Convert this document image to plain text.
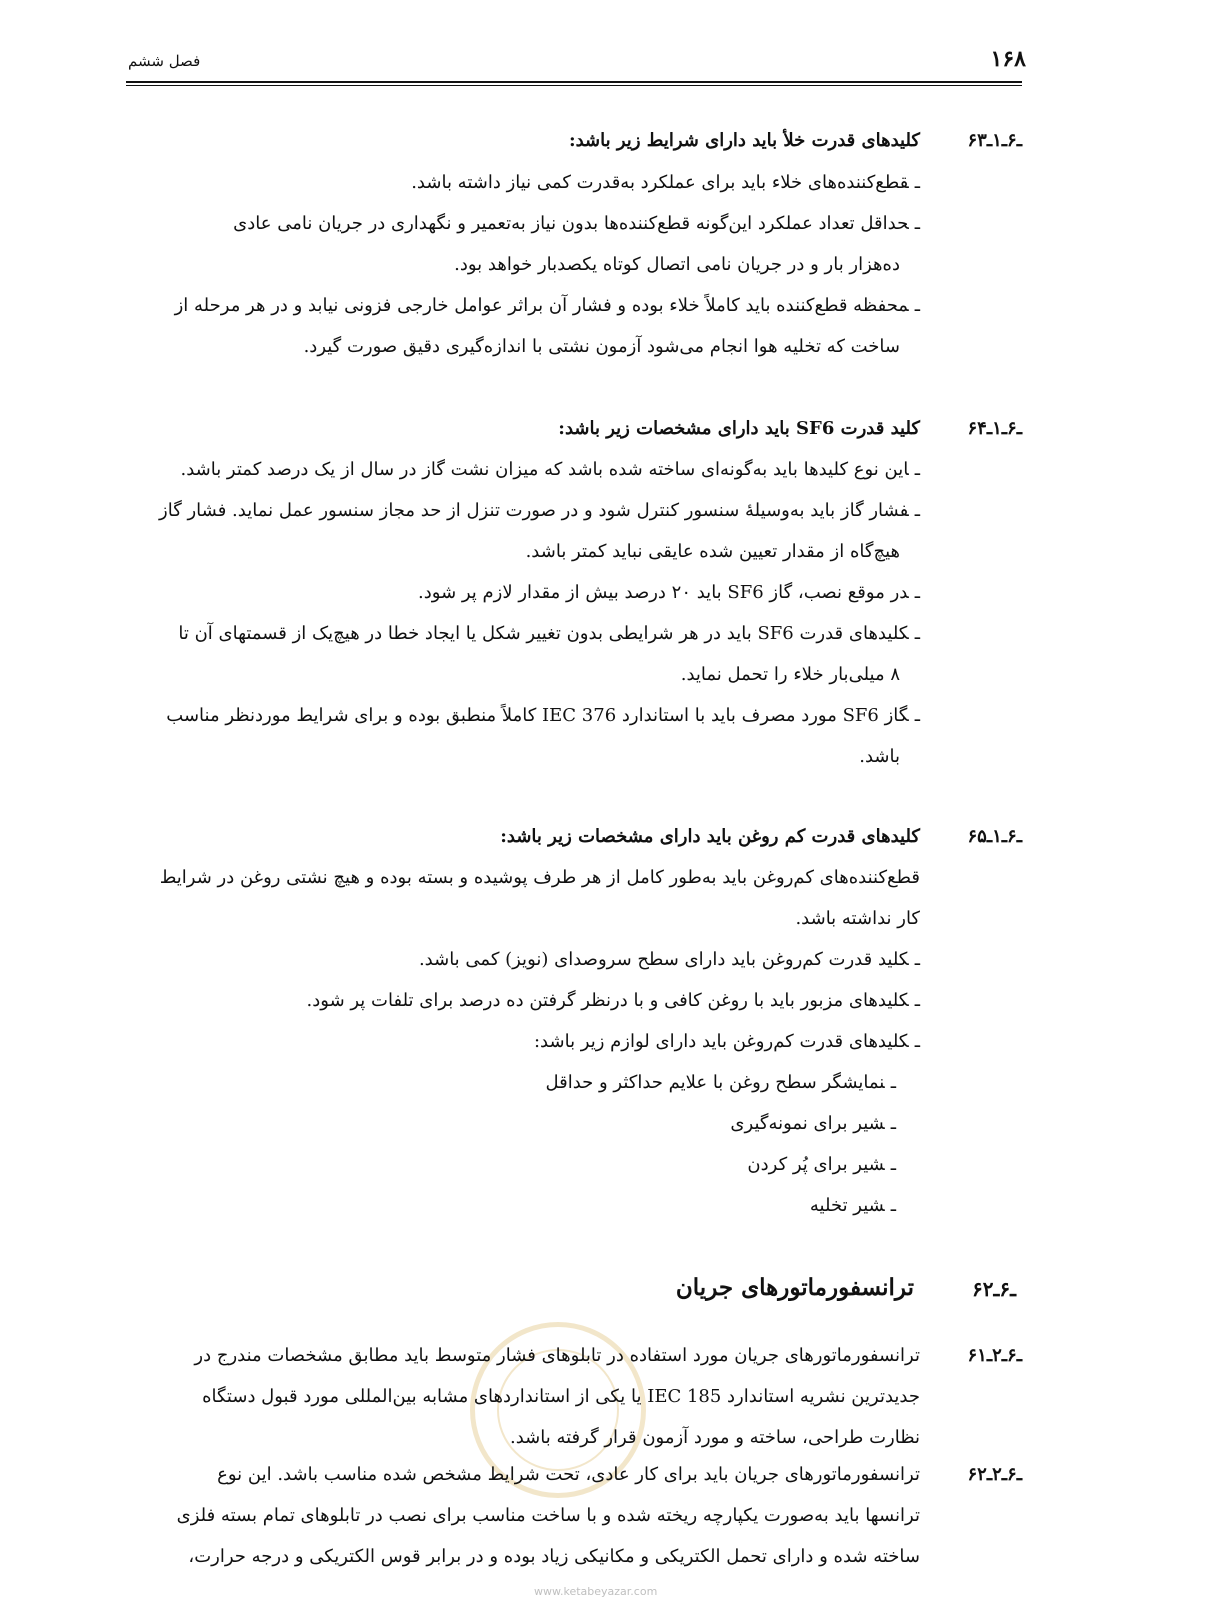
۱۶۸
فصل ششم
۶ـ۶ـ۱ـ۳
کلیدهای قدرت خلأ باید دارای شرایط زیر باشد:
ـقطع‌کننده‌های خلاء باید برای عملکرد به‌قدرت کمی نیاز داشته باشد.
ـحداقل تعداد عملکرد این‌گونه قطع‌کننده‌ها بدون نیاز به‌تعمیر و نگهداری در جریان نامی عادی
ده‌هزار بار و در جریان نامی اتصال کوتاه یکصدبار خواهد بود.
ـمحفظه قطع‌کننده باید کاملاً خلاء بوده و فشار آن براثر عوامل خارجی فزونی نیابد و در هر مرحله از
ساخت که تخلیه هوا انجام می‌شود آزمون نشتی با اندازه‌گیری دقیق صورت گیرد.
۶ـ۶ـ۱ـ۴
کلید قدرت SF6 باید دارای مشخصات زیر باشد:
ـاین نوع کلیدها باید به‌گونه‌ای ساخته شده باشد که میزان نشت گاز در سال از یک درصد کمتر باشد.
ـفشار گاز باید به‌وسیلهٔ سنسور کنترل شود و در صورت تنزل از حد مجاز سنسور عمل نماید. فشار گاز
هیچ‌گاه از مقدار تعیین شده عایقی نباید کمتر باشد.
ـدر موقع نصب، گاز SF6 باید ۲۰ درصد بیش از مقدار لازم پر شود.
ـکلیدهای قدرت SF6 باید در هر شرایطی بدون تغییر شکل یا ایجاد خطا در هیچ‌یک از قسمتهای آن تا
۸ میلی‌بار خلاء را تحمل نماید.
ـگاز SF6 مورد مصرف باید با استاندارد IEC 376 کاملاً منطبق بوده و برای شرایط موردنظر مناسب
باشد.
۶ـ۶ـ۱ـ۵
کلیدهای قدرت کم روغن باید دارای مشخصات زیر باشد:
قطع‌کننده‌های کم‌روغن باید به‌طور کامل از هر طرف پوشیده و بسته بوده و هیچ نشتی روغن در شرایط
کار نداشته باشد.
ـکلید قدرت کم‌روغن باید دارای سطح سروصدای (نویز) کمی باشد.
ـکلیدهای مزبور باید با روغن کافی و با درنظر گرفتن ده درصد برای تلفات پر شود.
ـکلیدهای قدرت کم‌روغن باید دارای لوازم زیر باشد:
ـنمایشگر سطح روغن با علایم حداکثر و حداقل
ـشیر برای نمونه‌گیری
ـشیر برای پُر کردن
ـشیر تخلیه
۶ـ۶ـ۲
ترانسفورماتورهای جریان
۶ـ۶ـ۲ـ۱
ترانسفورماتورهای جریان مورد استفاده در تابلوهای فشار متوسط باید مطابق مشخصات مندرج در
جدیدترین نشریه استاندارد IEC 185 یا یکی از استانداردهای مشابه بین‌المللی مورد قبول دستگاه
نظارت طراحی، ساخته و مورد آزمون قرار گرفته باشد.
۶ـ۶ـ۲ـ۲
ترانسفورماتورهای جریان باید برای کار عادی، تحت شرایط مشخص شده مناسب باشد. این نوع
ترانسها باید به‌صورت یکپارچه ریخته شده و با ساخت مناسب برای نصب در تابلوهای تمام بسته فلزی
ساخته شده و دارای تحمل الکتریکی و مکانیکی زیاد بوده و در برابر قوس الکتریکی و درجه حرارت،
www.ketabeyazar.com
